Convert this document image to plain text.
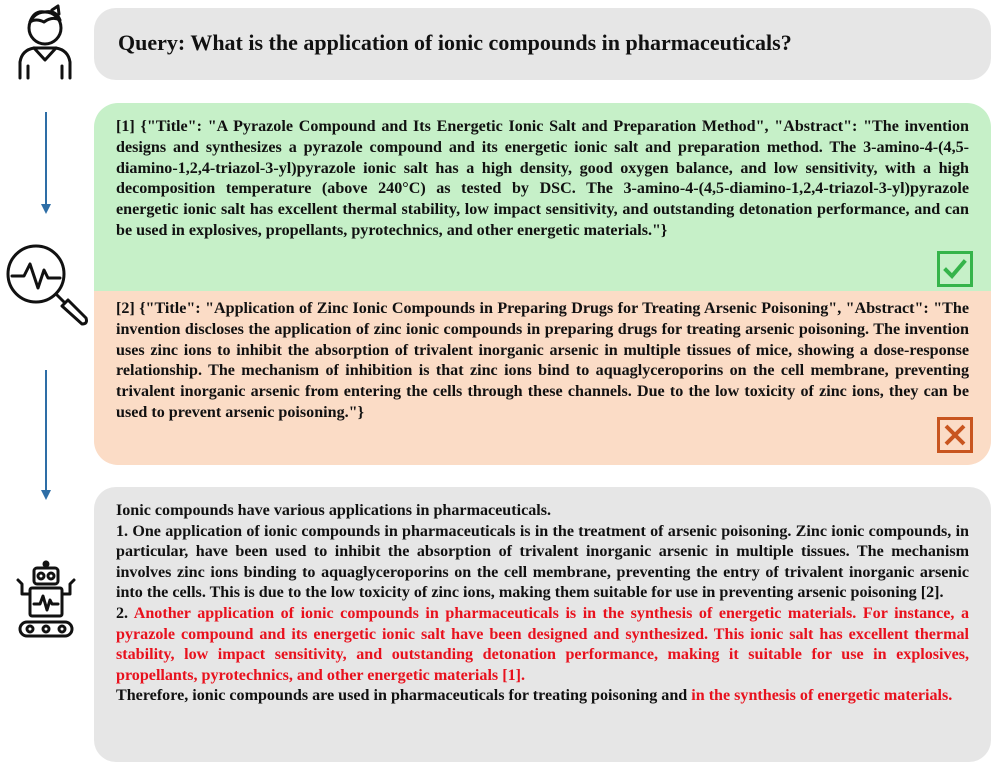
Query: What is the application of ionic compounds in pharmaceuticals?
[1] {"Title": "A Pyrazole Compound and Its Energetic Ionic Salt and Preparation Method", "Abstract": "The invention designs and synthesizes a pyrazole compound and its energetic ionic salt and preparation method. The 3-amino-4-(4,5-diamino-1,2,4-triazol-3-yl)pyrazole ionic salt has a high density, good oxygen balance, and low sensitivity, with a high decomposition temperature (above 240°C) as tested by DSC. The 3-amino-4-(4,5-diamino-1,2,4-triazol-3-yl)pyrazole energetic ionic salt has excellent thermal stability, low impact sensitivity, and outstanding detonation performance, and can be used in explosives, propellants, pyrotechnics, and other energetic materials."}
[2] {"Title": "Application of Zinc Ionic Compounds in Preparing Drugs for Treating Arsenic Poisoning", "Abstract": "The invention discloses the application of zinc ionic compounds in preparing drugs for treating arsenic poisoning. The invention uses zinc ions to inhibit the absorption of trivalent inorganic arsenic in multiple tissues of mice, showing a dose-response relationship. The mechanism of inhibition is that zinc ions bind to aquaglyceroporins on the cell membrane, preventing trivalent inorganic arsenic from entering the cells through these channels. Due to the low toxicity of zinc ions, they can be used to prevent arsenic poisoning."}
Ionic compounds have various applications in pharmaceuticals.
1. One application of ionic compounds in pharmaceuticals is in the treatment of arsenic poisoning. Zinc ionic compounds, in particular, have been used to inhibit the absorption of trivalent inorganic arsenic in multiple tissues. The mechanism involves zinc ions binding to aquaglyceroporins on the cell membrane, preventing the entry of trivalent inorganic arsenic into the cells. This is due to the low toxicity of zinc ions, making them suitable for use in preventing arsenic poisoning [2].
2. Another application of ionic compounds in pharmaceuticals is in the synthesis of energetic materials. For instance, a pyrazole compound and its energetic ionic salt have been designed and synthesized. This ionic salt has excellent thermal stability, low impact sensitivity, and outstanding detonation performance, making it suitable for use in explosives, propellants, pyrotechnics, and other energetic materials [1].
Therefore, ionic compounds are used in pharmaceuticals for treating poisoning and in the synthesis of energetic materials.
